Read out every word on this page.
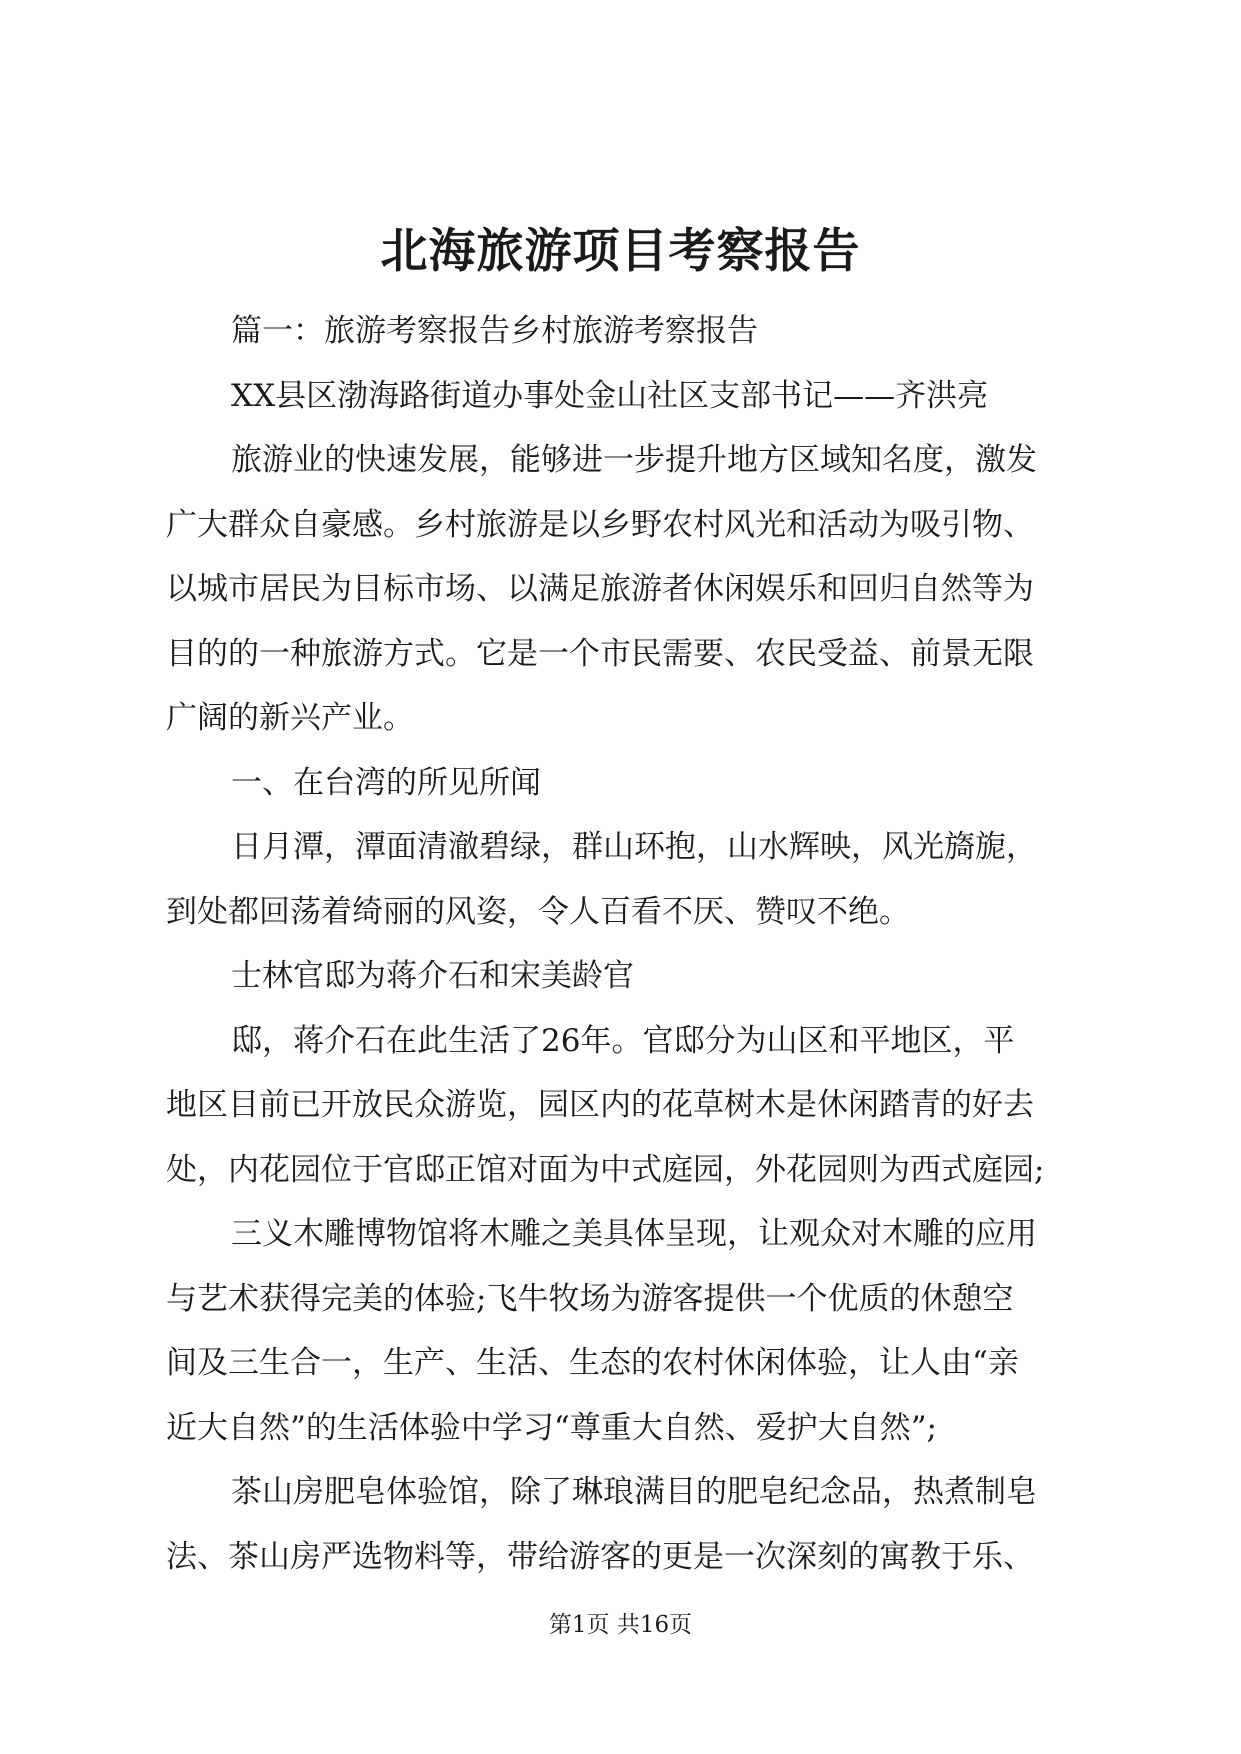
北海旅游项目考察报告
篇一：旅游考察报告乡村旅游考察报告
XX县区渤海路街道办事处金山社区支部书记——齐洪亮
旅游业的快速发展，能够进一步提升地方区域知名度，激发
广大群众自豪感。乡村旅游是以乡野农村风光和活动为吸引物、
以城市居民为目标市场、以满足旅游者休闲娱乐和回归自然等为
目的的一种旅游方式。它是一个市民需要、农民受益、前景无限
广阔的新兴产业。
一、在台湾的所见所闻
日月潭，潭面清澈碧绿，群山环抱，山水辉映，风光旖旎，
到处都回荡着绮丽的风姿，令人百看不厌、赞叹不绝。
士林官邸为蒋介石和宋美龄官
邸，蒋介石在此生活了26年。官邸分为山区和平地区，平
地区目前已开放民众游览，园区内的花草树木是休闲踏青的好去
处，内花园位于官邸正馆对面为中式庭园，外花园则为西式庭园;
三义木雕博物馆将木雕之美具体呈现，让观众对木雕的应用
与艺术获得完美的体验;飞牛牧场为游客提供一个优质的休憩空
间及三生合一，生产、生活、生态的农村休闲体验，让人由“亲
近大自然”的生活体验中学习“尊重大自然、爱护大自然”;
茶山房肥皂体验馆，除了琳琅满目的肥皂纪念品，热煮制皂
法、茶山房严选物料等，带给游客的更是一次深刻的寓教于乐、
第1页 共16页
